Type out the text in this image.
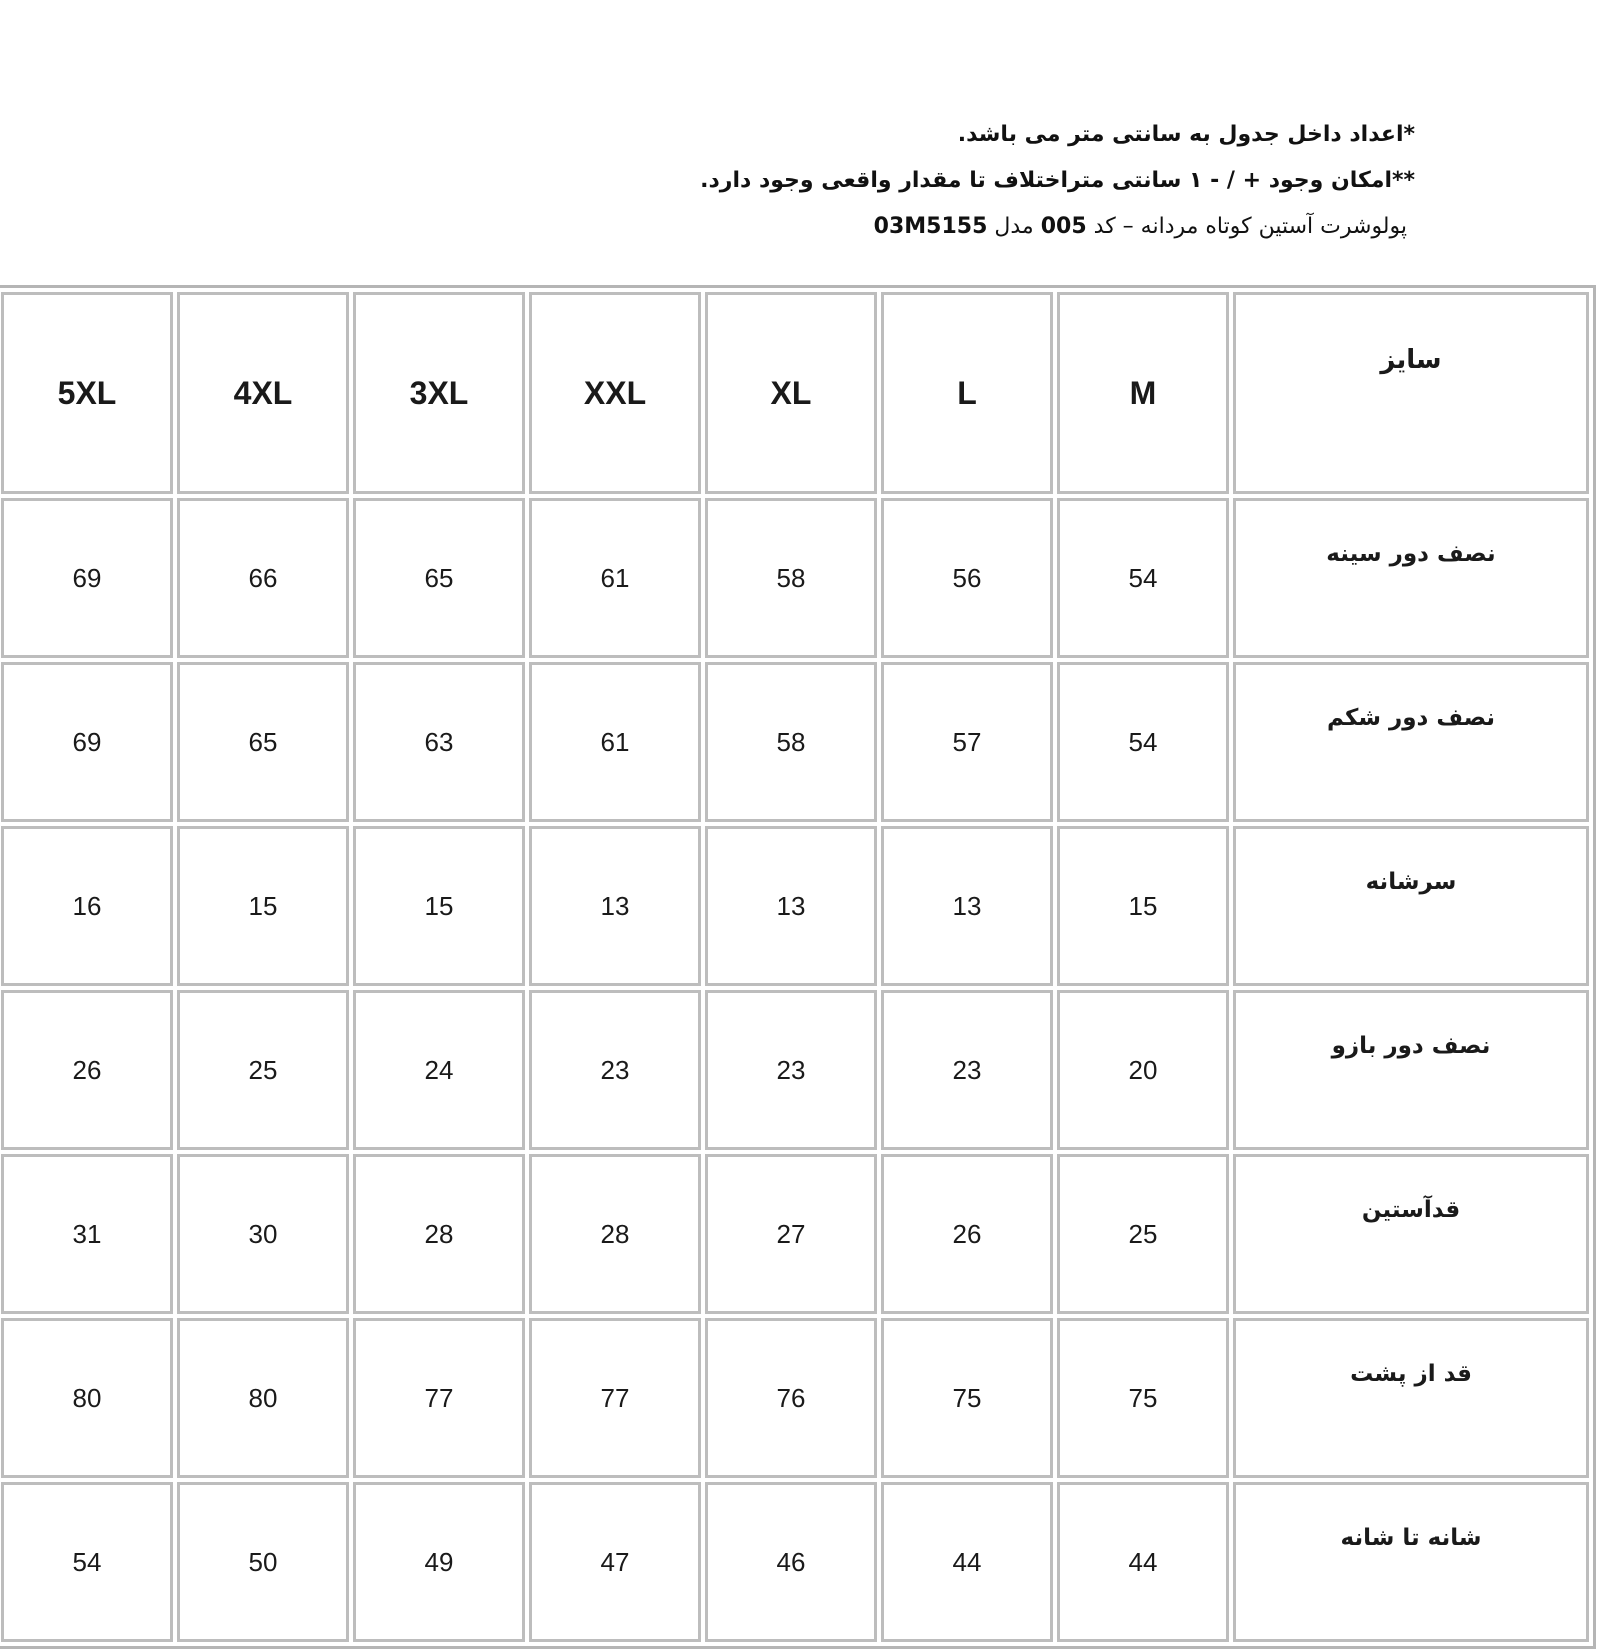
*اعداد داخل جدول به سانتی متر می باشد.
**امکان وجود + / - ۱ سانتی متراختلاف تا مقدار واقعی وجود دارد.
پولوشرت آستین کوتاه مردانه – کد 005 مدل 03M5155
سایز	M	L	XL	XXL	3XL	4XL	5XL
نصف دور سینه	54	56	58	61	65	66	69
نصف دور شکم	54	57	58	61	63	65	69
سرشانه	15	13	13	13	15	15	16
نصف دور بازو	20	23	23	23	24	25	26
قدآستین	25	26	27	28	28	30	31
قد از پشت	75	75	76	77	77	80	80
شانه تا شانه	44	44	46	47	49	50	54
